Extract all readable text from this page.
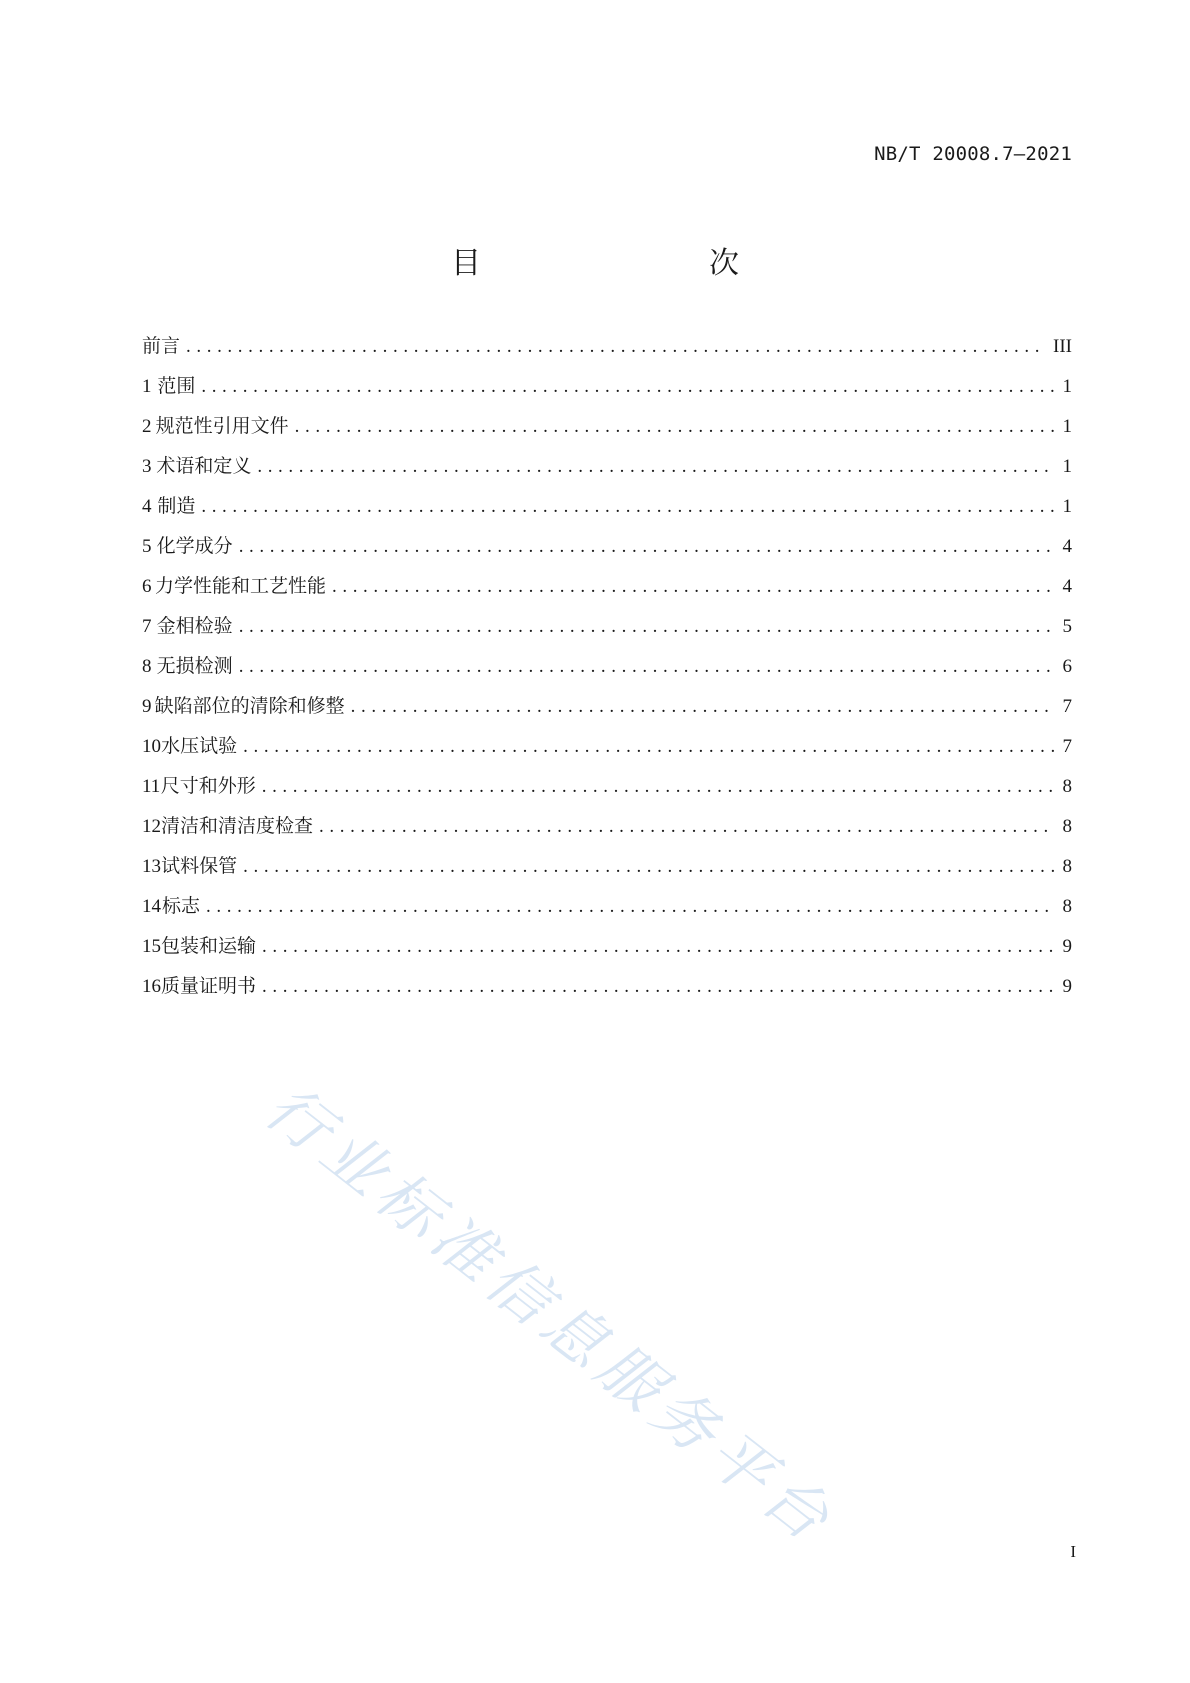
NB/T 20008.7—2021
目　　次
前言 .....	III
1 范围 .....	1
2 规范性引用文件 .....	1
3 术语和定义 .....	1
4 制造 .....	1
5 化学成分 .....	4
6 力学性能和工艺性能 .....	4
7 金相检验 .....	5
8 无损检测 .....	6
9 缺陷部位的清除和修整 .....	7
10 水压试验 .....	7
11 尺寸和外形 .....	8
12 清洁和清洁度检查 .....	8
13 试料保管 .....	8
14 标志 .....	8
15 包装和运输 .....	9
16 质量证明书 .....	9
行业标准信息服务平台	I
